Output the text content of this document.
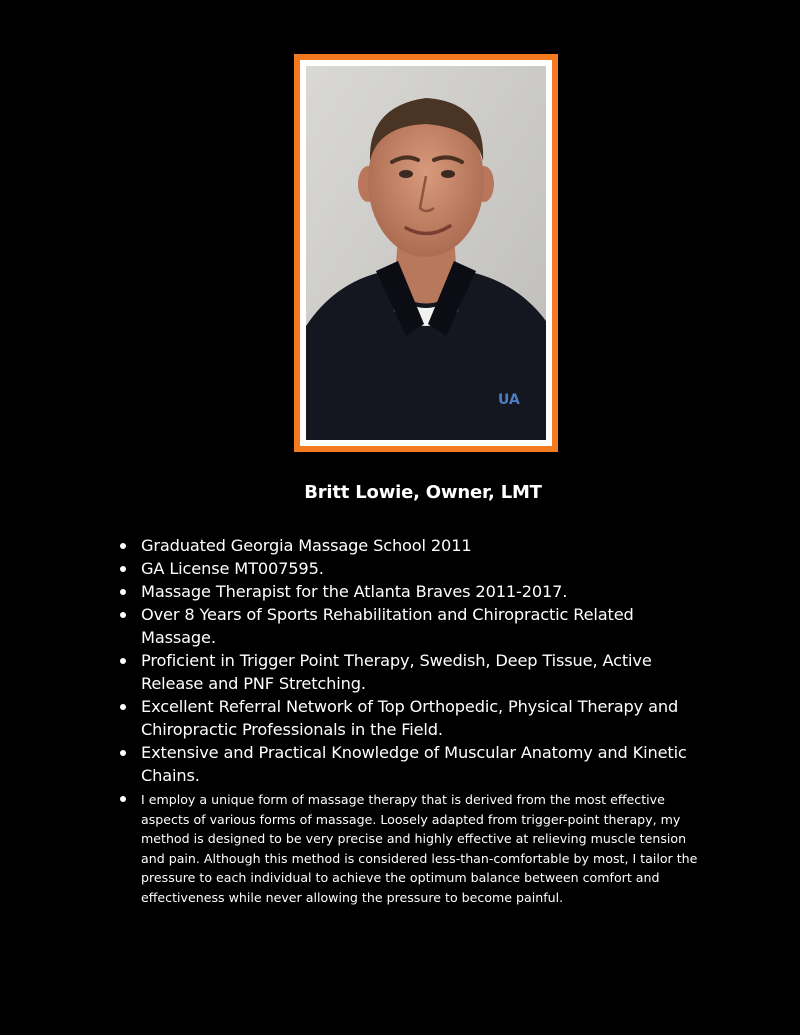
UA
Britt Lowie, Owner, LMT
Graduated Georgia Massage School 2011
GA License MT007595.
Massage Therapist for the Atlanta Braves 2011-2017.
Over 8 Years of Sports Rehabilitation and Chiropractic Related Massage.
Proficient in Trigger Point Therapy, Swedish, Deep Tissue, Active Release and PNF Stretching.
Excellent Referral Network of Top Orthopedic, Physical Therapy and Chiropractic Professionals in the Field.
Extensive and Practical Knowledge of Muscular Anatomy and Kinetic Chains.
I employ a unique form of massage therapy that is derived from the most effective aspects of various forms of massage. Loosely adapted from trigger-point therapy, my method is designed to be very precise and highly effective at relieving muscle tension and pain. Although this method is considered less-than-comfortable by most, I tailor the pressure to each individual to achieve the optimum balance between comfort and effectiveness while never allowing the pressure to become painful.
